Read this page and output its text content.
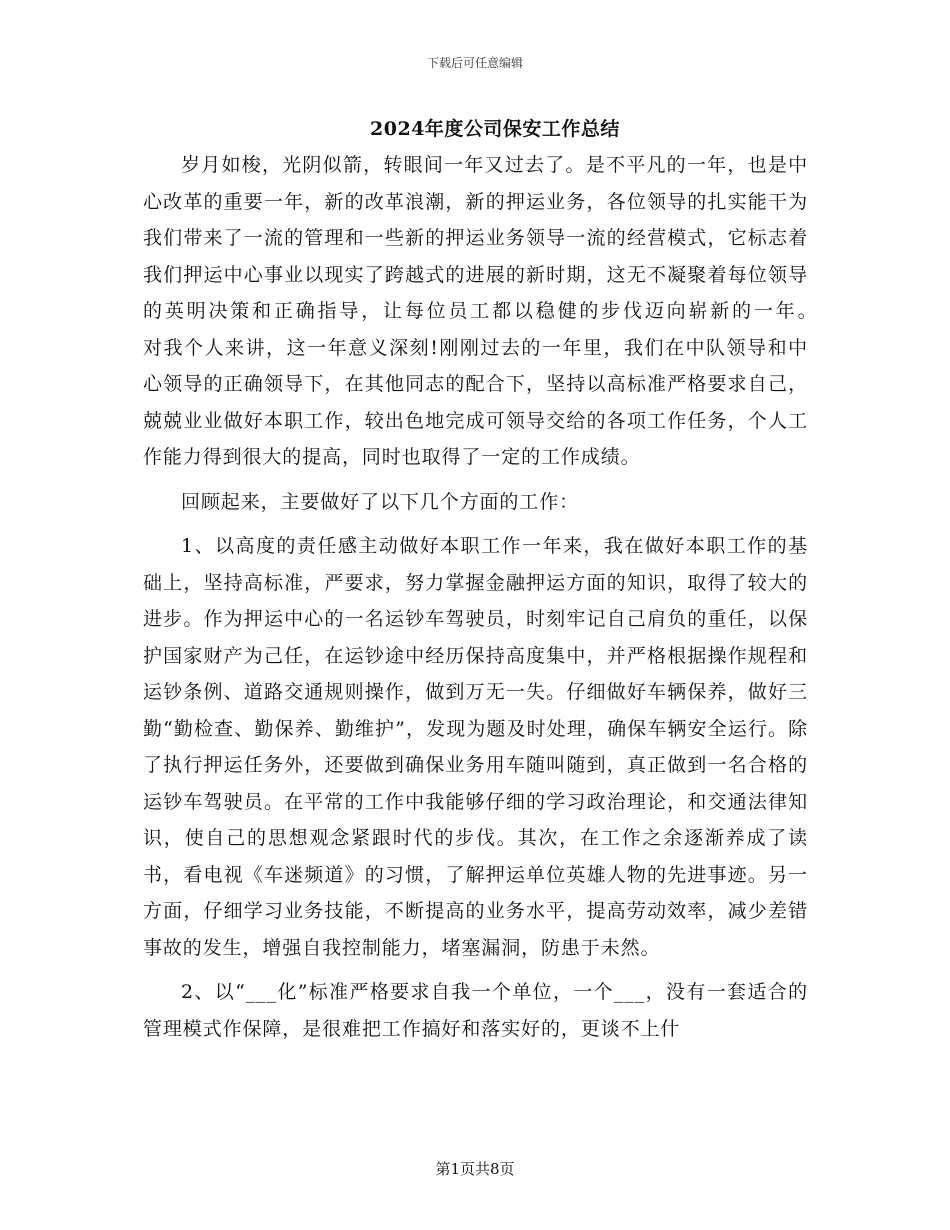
下载后可任意编辑
2024年度公司保安工作总结

岁月如梭，光阴似箭，转眼间一年又过去了。是不平凡的一年，也是中心改革的重要一年，新的改革浪潮，新的押运业务，各位领导的扎实能干为我们带来了一流的管理和一些新的押运业务领导一流的经营模式，它标志着我们押运中心事业以现实了跨越式的进展的新时期，这无不凝聚着每位领导的英明决策和正确指导，让每位员工都以稳健的步伐迈向崭新的一年。　　对我个人来讲，这一年意义深刻!刚刚过去的一年里，我们在中队领导和中心领导的正确领导下，在其他同志的配合下，坚持以高标准严格要求自己，兢兢业业做好本职工作，较出色地完成可领导交给的各项工作任务，个人工作能力得到很大的提高，同时也取得了一定的工作成绩。

回顾起来，主要做好了以下几个方面的工作：

1、以高度的责任感主动做好本职工作一年来，我在做好本职工作的基础上，坚持高标准，严要求，努力掌握金融押运方面的知识，取得了较大的进步。作为押运中心的一名运钞车驾驶员，时刻牢记自己肩负的重任，以保护国家财产为己任，在运钞途中经历保持高度集中，并严格根据操作规程和运钞条例、道路交通规则操作，做到万无一失。仔细做好车辆保养，做好三勤“勤检查、勤保养、勤维护”，发现为题及时处理，确保车辆安全运行。除了执行押运任务外，还要做到确保业务用车随叫随到，真正做到一名合格的运钞车驾驶员。在平常的工作中我能够仔细的学习政治理论，和交通法律知识，使自己的思想观念紧跟时代的步伐。其次，在工作之余逐渐养成了读书，看电视《车迷频道》的习惯，了解押运单位英雄人物的先进事迹。另一方面，仔细学习业务技能，不断提高的业务水平，提高劳动效率，减少差错事故的发生，增强自我控制能力，堵塞漏洞，防患于未然。

2、以“___化”标准严格要求自我一个单位，一个___，没有一套适合的管理模式作保障，是很难把工作搞好和落实好的，更谈不上什

第1页共8页
